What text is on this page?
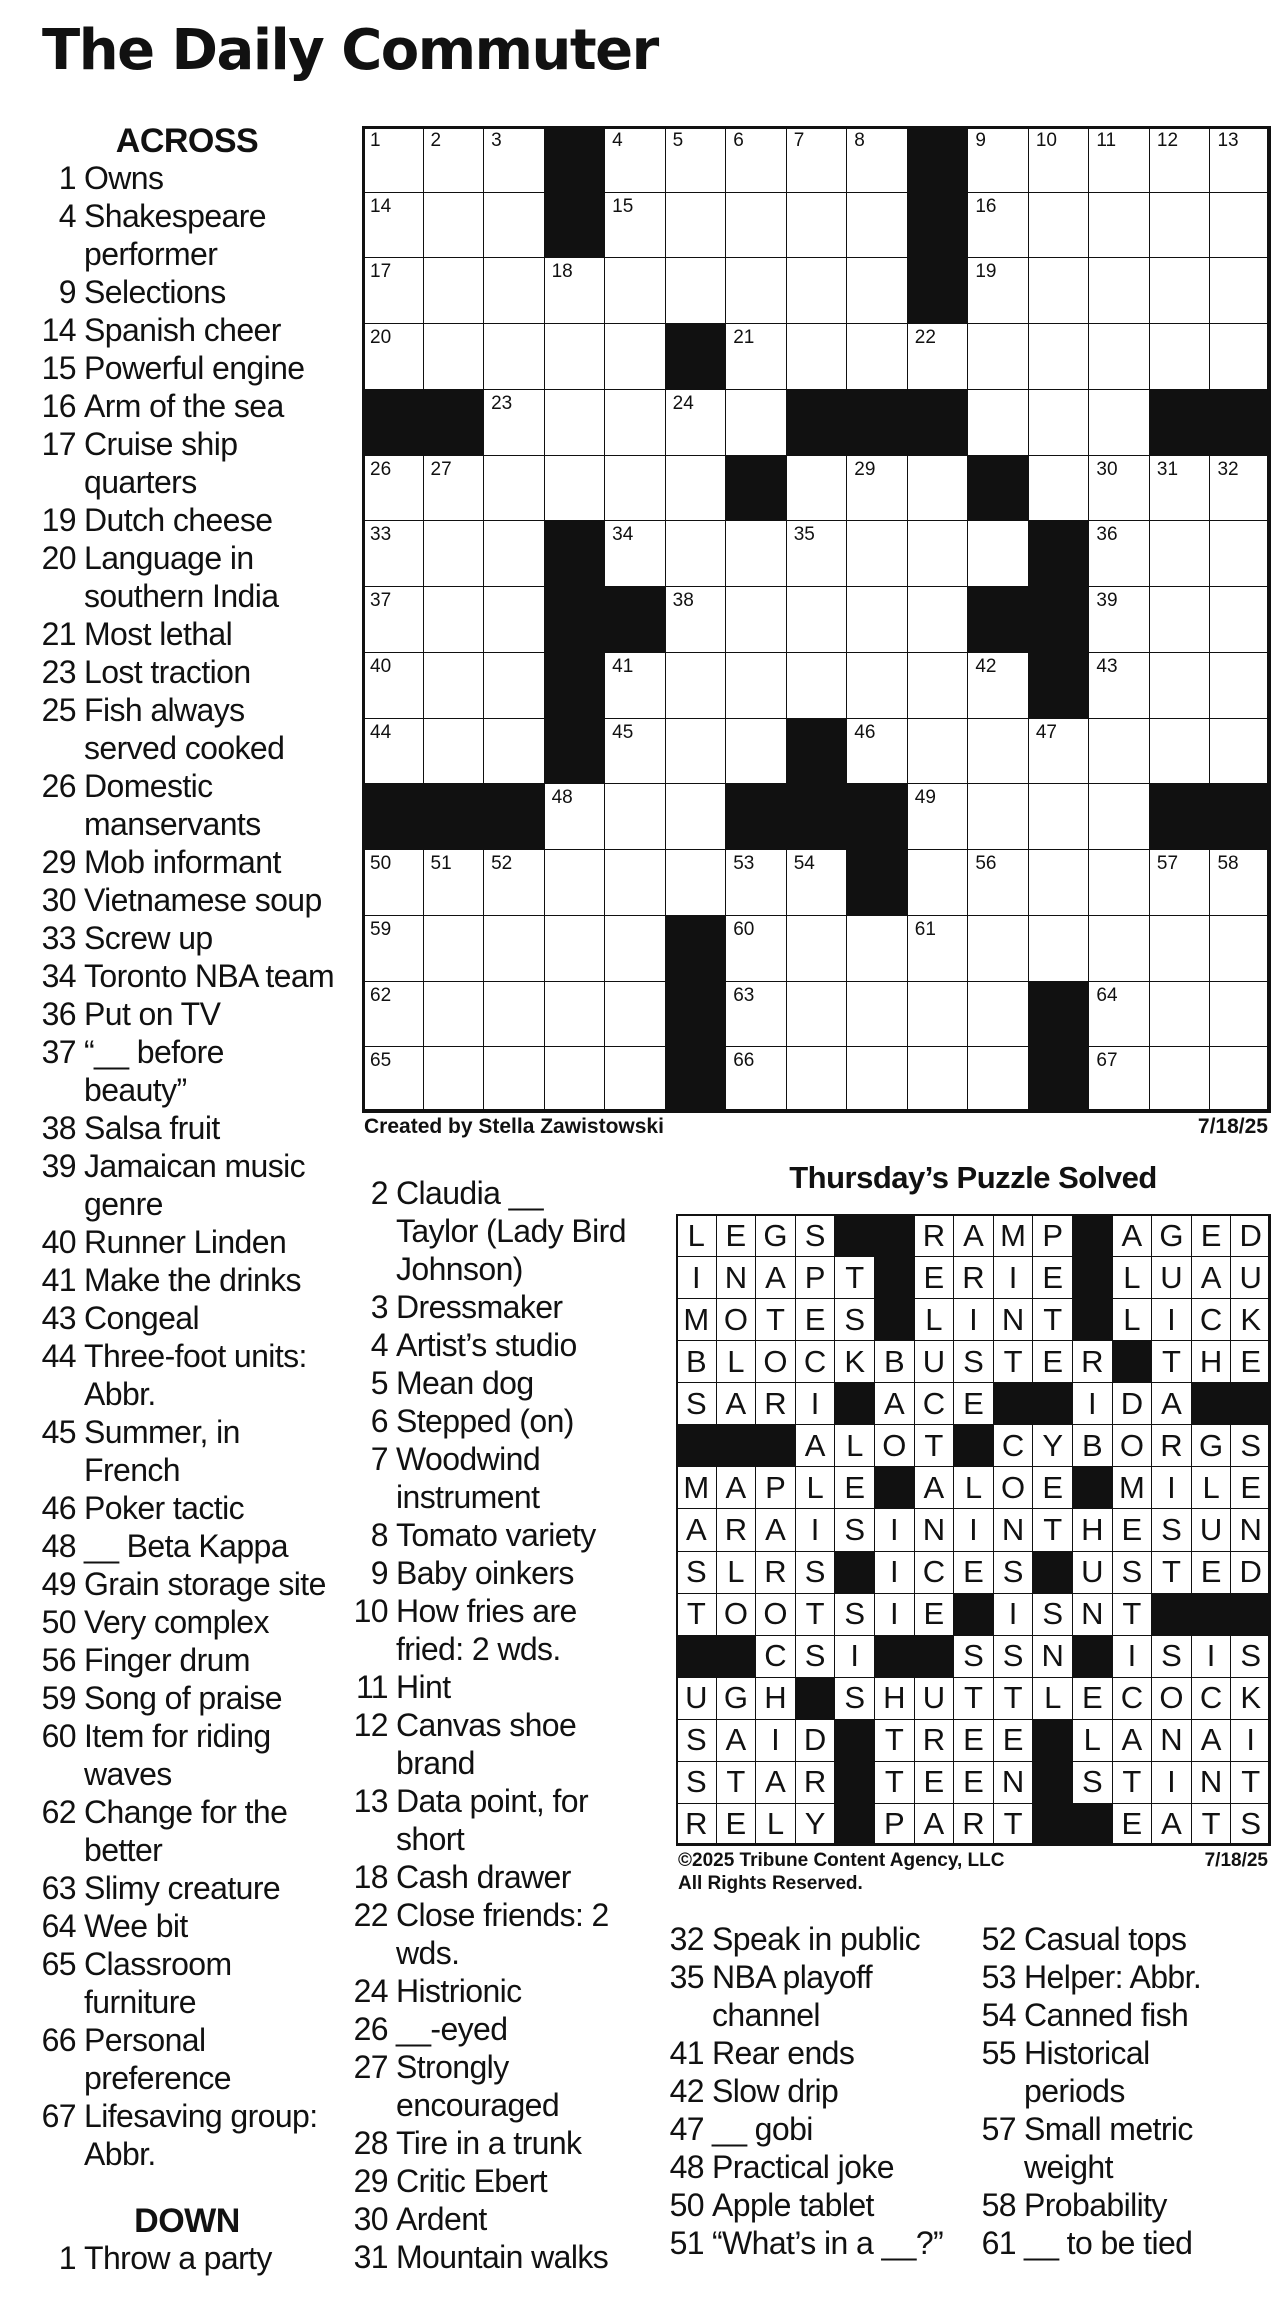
The Daily Commuter
ACROSS
1 Owns
4 Shakespeare
performer
9 Selections
14 Spanish cheer
15 Powerful engine
16 Arm of the sea
17 Cruise ship
quarters
19 Dutch cheese
20 Language in
southern India
21 Most lethal
23 Lost traction
25 Fish always
served cooked
26 Domestic
manservants
29 Mob informant
30 Vietnamese soup
33 Screw up
34 Toronto NBA team
36 Put on TV
37 “__ before
beauty”
38 Salsa fruit
39 Jamaican music
genre
40 Runner Linden
41 Make the drinks
43 Congeal
44 Three-foot units:
Abbr.
45 Summer, in
French
46 Poker tactic
48 __ Beta Kappa
49 Grain storage site
50 Very complex
56 Finger drum
59 Song of praise
60 Item for riding
waves
62 Change for the
better
63 Slimy creature
64 Wee bit
65 Classroom
furniture
66 Personal
preference
67 Lifesaving group:
Abbr.
DOWN
1 Throw a party
2 Claudia __
Taylor (Lady Bird
Johnson)
3 Dressmaker
4 Artist’s studio
5 Mean dog
6 Stepped (on)
7 Woodwind
instrument
8 Tomato variety
9 Baby oinkers
10 How fries are
fried: 2 wds.
11 Hint
12 Canvas shoe
brand
13 Data point, for
short
18 Cash drawer
22 Close friends: 2
wds.
24 Histrionic
26 __-eyed
27 Strongly
encouraged
28 Tire in a trunk
29 Critic Ebert
30 Ardent
31 Mountain walks
32 Speak in public
35 NBA playoff
channel
41 Rear ends
42 Slow drip
47 __ gobi
48 Practical joke
50 Apple tablet
51 “What’s in a __?”
52 Casual tops
53 Helper: Abbr.
54 Canned fish
55 Historical
periods
57 Small metric
weight
58 Probability
61 __ to be tied
1	2	3	4	5	6	7	8	9	10 11 12 13
14	15	16
17	18	19
20	21	22
23	24
26 27	29	30 31 32
33	34	35	36
37	38	39
40	41	42	43
44	45	46	47
48	49
50 51 52	53 54	56	57 58
59	60	61
62	63	64
65	66	67
Created by Stella Zawistowski	7/18/25
Thursday’s Puzzle Solved
L E G S	R A M P	A G E D
I N A P T	E R I E	L U A U
M O T E S	L I N T	L I C K
B L O C K B U S T E R	T H E
S A R I	A C E	I D A
A L O T	C Y B O R G S
M A P L E	A L O E	M I L E
A R A I S I N I N T H E S U N
S L R S	I C E S	U S T E D
T O O T S I E	I S N T
C S I	S S N	I S I S
U G H	S H U T T L E C O C K
S A I D	T R E E	L A N A I
S T A R	T E E N	S T I N T
R E L Y	P A R T	E A T S
©2025 Tribune Content Agency, LLC
All Rights Reserved.
7/18/25
